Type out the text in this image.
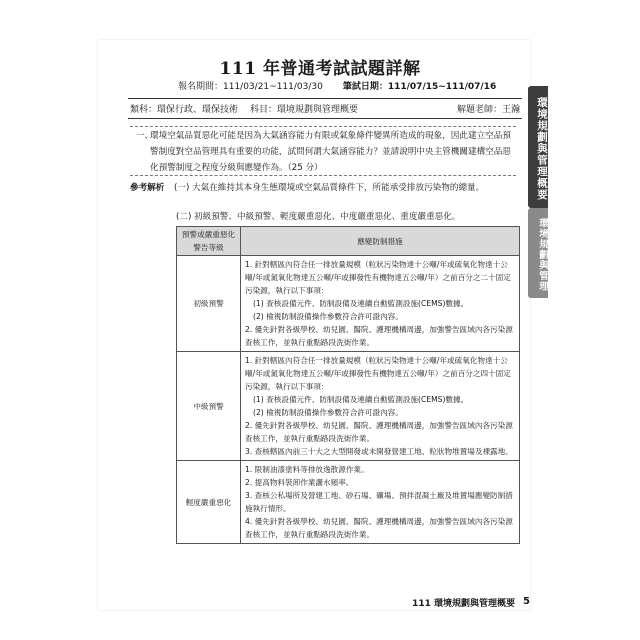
111 年普通考試試題詳解
報名期間：111/03/21~111/03/30 筆試日期：111/07/15~111/07/16
類科：環保行政、環保技術 科目：環境規劃與管理概要	解題老師：王瀚
一、
環境空氣品質惡化可能是因為大氣涵容能力有限或氣象條件變異所造成的現象，因此建立空品預警制度對空品管理具有重要的功能，試問何謂大氣涵容能力？並請說明中央主管機關建構空品惡化預警制度之程度分級與應變作為。（25 分）
參考解析 (一) 大氣在維持其本身生態環境或空氣品質條件下，所能承受排放污染物的總量。
(二) 初級預警、中級預警、輕度嚴重惡化、中度嚴重惡化、重度嚴重惡化。
預警或嚴重惡化警告等級	應變防制措施
初級預警	1. 針對轄區內符合任一排放量規模（粒狀污染物達十公噸/年或硫氧化物達十公噸/年或氮氧化物達五公噸/年或揮發性有機物達五公噸/年）之前百分之二十固定污染源，執行以下事項：
(1) 查核設備元件、防制設備及連續自動監測設施(CEMS)數據。
(2) 檢視防制設備操作參數符合許可證內容。
2. 優先針對各級學校、幼兒園、醫院、護理機構周邊，加強警告區域內各污染源查核工作，並執行重點路段洗街作業。

中級預警	1. 針對轄區內符合任一排放量規模（粒狀污染物達十公噸/年或硫氧化物達十公噸/年或氮氧化物達五公噸/年或揮發性有機物達五公噸/年）之前百分之四十固定污染源，執行以下事項：
(1) 查核設備元件、防制設備及連續自動監測設施(CEMS)數據。
(2) 檢視防制設備操作參數符合許可證內容。
2. 優先針對各級學校、幼兒園、醫院、護理機構周邊，加強警告區域內各污染源查核工作，並執行重點路段洗街作業。
3. 查核轄區內前三十大之大型開發或未開發營建工地、粒狀物堆置場及裸露地。

輕度嚴重惡化	1. 限制油漆塗料等排放逸散源作業。
2. 提高物料裝卸作業灑水頻率。
3. 查核公私場所及營建工地、砂石場、礦場、預拌混凝土廠及堆置場應變防制措施執行情形。
4. 優先針對各級學校、幼兒園、醫院、護理機構周邊，加強警告區域內各污染源查核工作，並執行重點路段洗街作業。
環境規劃與管理概要
環境規劃與管理
111 環境規劃與管理概要 5
